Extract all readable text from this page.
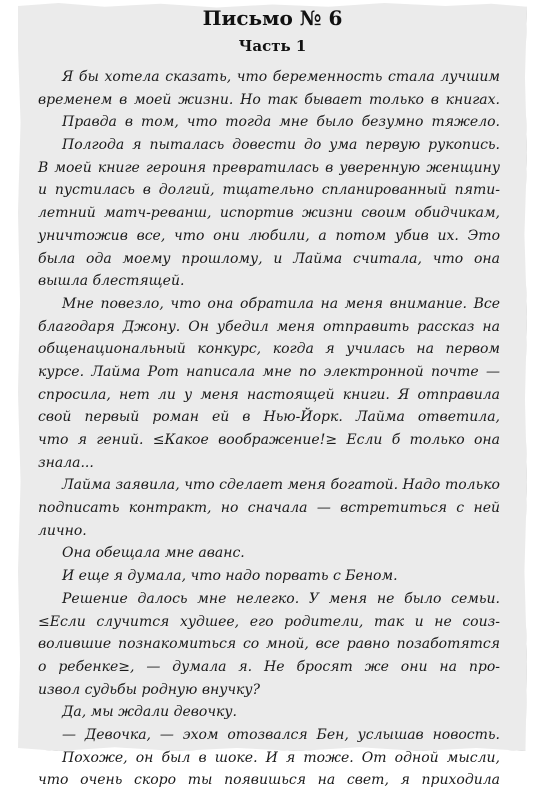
Письмо № 6
Часть 1
Я бы хотела сказать, что беременность стала лучшим
временем в моей жизни. Но так бывает только в книгах.
Правда в том, что тогда мне было безумно тяжело.
Полгода я пыталась довести до ума первую рукопись.
В моей книге героиня превратилась в уверенную женщину
и пустилась в долгий, тщательно спланированный пяти-
летний матч-реванш, испортив жизни своим обидчикам,
уничтожив все, что они любили, а потом убив их. Это
была ода моему прошлому, и Лайма считала, что она
вышла блестящей.
Мне повезло, что она обратила на меня внимание. Все
благодаря Джону. Он убедил меня отправить рассказ на
общенациональный конкурс, когда я училась на первом
курсе. Лайма Рот написала мне по электронной почте —
спросила, нет ли у меня настоящей книги. Я отправила
свой первый роман ей в Нью-Йорк. Лайма ответила,
что я гений. ≤Какое воображение!≥ Если б только она
знала...
Лайма заявила, что сделает меня богатой. Надо только
подписать контракт, но сначала — встретиться с ней
лично.
Она обещала мне аванс.
И еще я думала, что надо порвать с Беном.
Решение далось мне нелегко. У меня не было семьи.
≤Если случится худшее, его родители, так и не соиз-
волившие познакомиться со мной, все равно позаботятся
о ребенке≥, — думала я. Не бросят же они на про-
извол судьбы родную внучку?
Да, мы ждали девочку.
— Девочка, — эхом отозвался Бен, услышав новость.
Похоже, он был в шоке. И я тоже. От одной мысли,
что очень скоро ты появишься на свет, я приходила
